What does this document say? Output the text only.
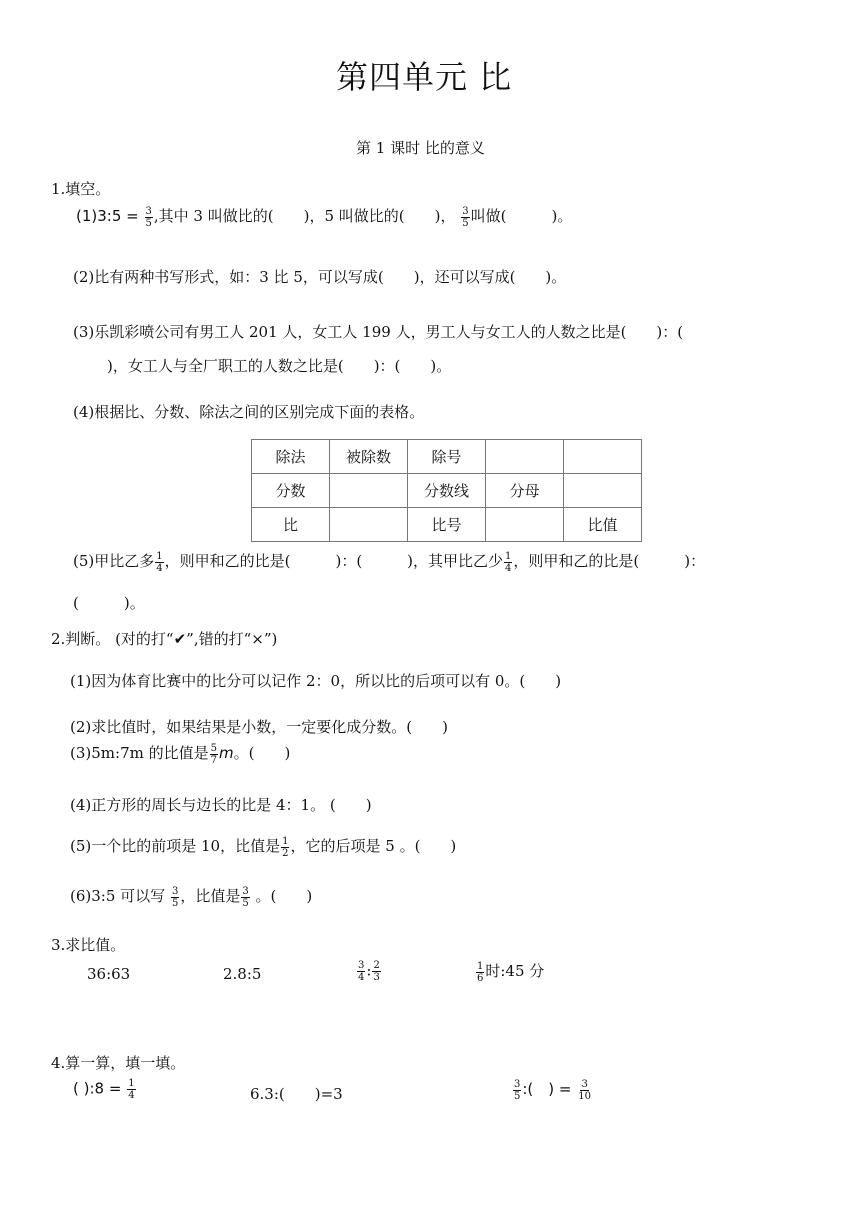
第四单元 比
第 1 课时 比的意义
1.填空。
(1)3:5 = $\frac{3}{5}$ ,其中 3 叫做比的(　　)，5 叫做比的(　　)， $\frac{3}{5}$ 叫做(　　　)。
(2)比有两种书写形式，如：3 比 5，可以写成(　　)，还可以写成(　　)。
(3)乐凯彩喷公司有男工人 201 人，女工人 199 人，男工人与女工人的人数之比是(　　)：(
)，女工人与全厂职工的人数之比是(　　)：(　　)。
(4)根据比、分数、除法之间的区别完成下面的表格。
除法	被除数	除号		
分数		分数线	分母	
比		比号		比值
(5)甲比乙多 $\frac{1}{4}$ ，则甲和乙的比是(　　　)：(　　　)，其甲比乙少 $\frac{1}{4}$ ，则甲和乙的比是(　　　)：
(　　　)。
2.判断。 (对的打“✔”,错的打“×”)
(1)因为体育比赛中的比分可以记作 2：0，所以比的后项可以有 0。(　　)
(2)求比值时，如果结果是小数，一定要化成分数。(　　)
(3)5m:7m 的比值是 $\frac{5}{7}$ m。(　　)
(4)正方形的周长与边长的比是 4：1。 (　　)
(5)一个比的前项是 10，比值是 $\frac{1}{2}$ ，它的后项是 5 。(　　)
(6)3:5 可以写 $\frac{3}{5}$ ，比值是 $\frac{3}{5}$ 。(　　)
3.求比值。
36:63	2.8:5	$\frac{3}{4}$ : $\frac{2}{3}$	$\frac{1}{6}$ 时:45 分
4.算一算，填一填。
( ):8 = $\frac{1}{4}$	6.3:(　　)=3	$\frac{3}{5}$ :(　) = $\frac{3}{10}$
